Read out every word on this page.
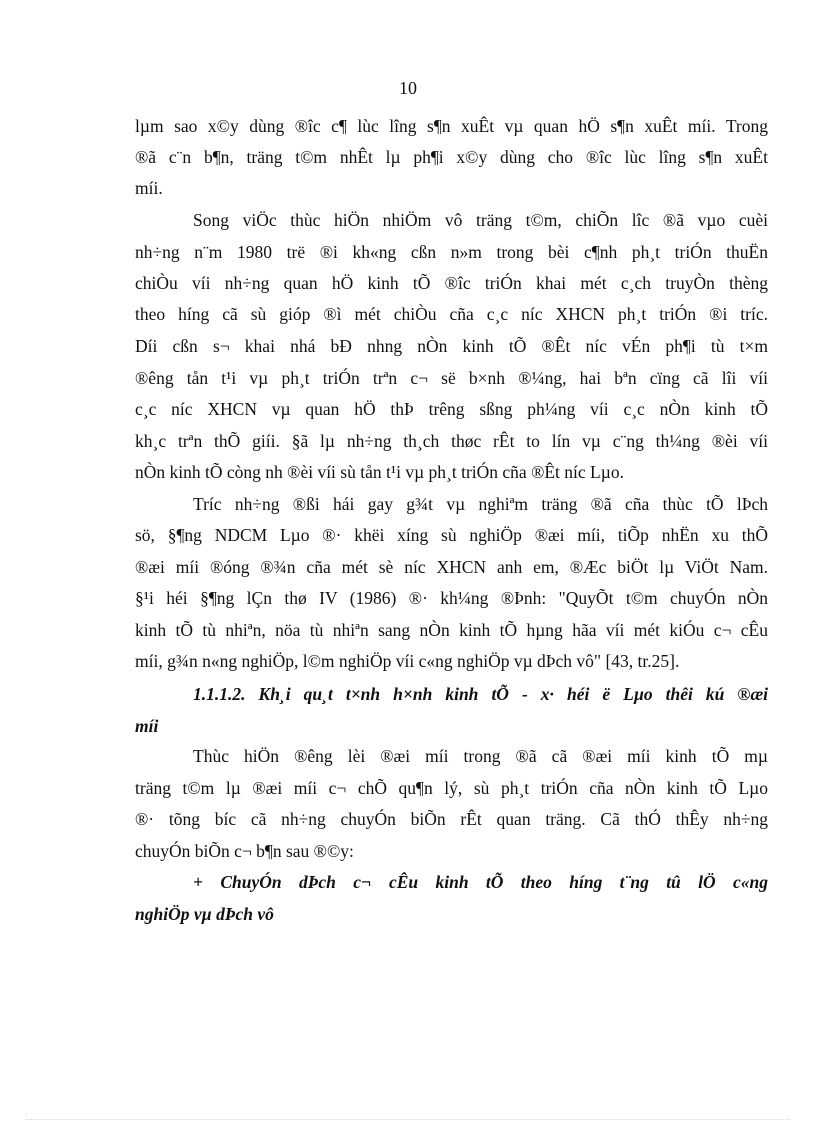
10
lµm sao x©y dùng ®îc c¶ lùc lîng s¶n xuÊt vµ quan hÖ s¶n xuÊt míi. Trong
®ã c¨n b¶n, träng t©m nhÊt lµ ph¶i x©y dùng cho ®îc lùc lîng s¶n xuÊt
míi.
Song viÖc thùc hiÖn nhiÖm vô träng t©m, chiÕn lîc ®ã vµo cuèi
nh÷ng n¨m 1980 trë ®i kh«ng cßn n»m trong bèi c¶nh ph¸t triÓn thuËn
chiÒu víi nh÷ng quan hÖ kinh tÕ ®îc triÓn khai mét c¸ch truyÒn thèng
theo híng cã sù gióp ®ì mét chiÒu cña c¸c níc XHCN ph¸t triÓn ®i tríc.
Díi cßn s¬ khai nhá bÐ nhng nÒn kinh tÕ ®Êt níc vÉn ph¶i tù t×m
®êng tån t¹i vµ ph¸t triÓn trªn c¬ së b×nh ®¼ng, hai bªn cïng cã lîi víi
c¸c níc XHCN vµ quan hÖ thÞ trêng sßng ph¼ng víi c¸c nÒn kinh tÕ
kh¸c trªn thÕ giíi. §ã lµ nh÷ng th¸ch thøc rÊt to lín vµ c¨ng th¼ng ®èi víi
nÒn kinh tÕ còng nh ®èi víi sù tån t¹i vµ ph¸t triÓn cña ®Êt níc Lµo.
Tríc nh÷ng ®ßi hái gay g¾t vµ nghiªm träng ®ã cña thùc tÕ lÞch
sö, §¶ng NDCM Lµo ®· khëi xíng sù nghiÖp ®æi míi, tiÕp nhËn xu thÕ
®æi míi ®óng ®¾n cña mét sè níc XHCN anh em, ®Æc biÖt lµ ViÖt Nam.
§¹i héi §¶ng lÇn thø IV (1986) ®· kh¼ng ®Þnh: "QuyÕt t©m chuyÓn nÒn
kinh tÕ tù nhiªn, nöa tù nhiªn sang nÒn kinh tÕ hµng hãa víi mét kiÓu c¬ cÊu
míi, g¾n n«ng nghiÖp, l©m nghiÖp víi c«ng nghiÖp vµ dÞch vô" [43, tr.25].
1.1.1.2. Kh¸i qu¸t t×nh h×nh kinh tÕ - x· héi ë Lµo thêi kú ®æi
míi
Thùc hiÖn ®êng lèi ®æi míi trong ®ã cã ®æi míi kinh tÕ mµ
träng t©m lµ ®æi míi c¬ chÕ qu¶n lý, sù ph¸t triÓn cña nÒn kinh tÕ Lµo
®· tõng bíc cã nh÷ng chuyÓn biÕn rÊt quan träng. Cã thÓ thÊy nh÷ng
chuyÓn biÕn c¬ b¶n sau ®©y:
+ ChuyÓn dÞch c¬ cÊu kinh tÕ theo híng t¨ng tû lÖ c«ng
nghiÖp vµ dÞch vô
